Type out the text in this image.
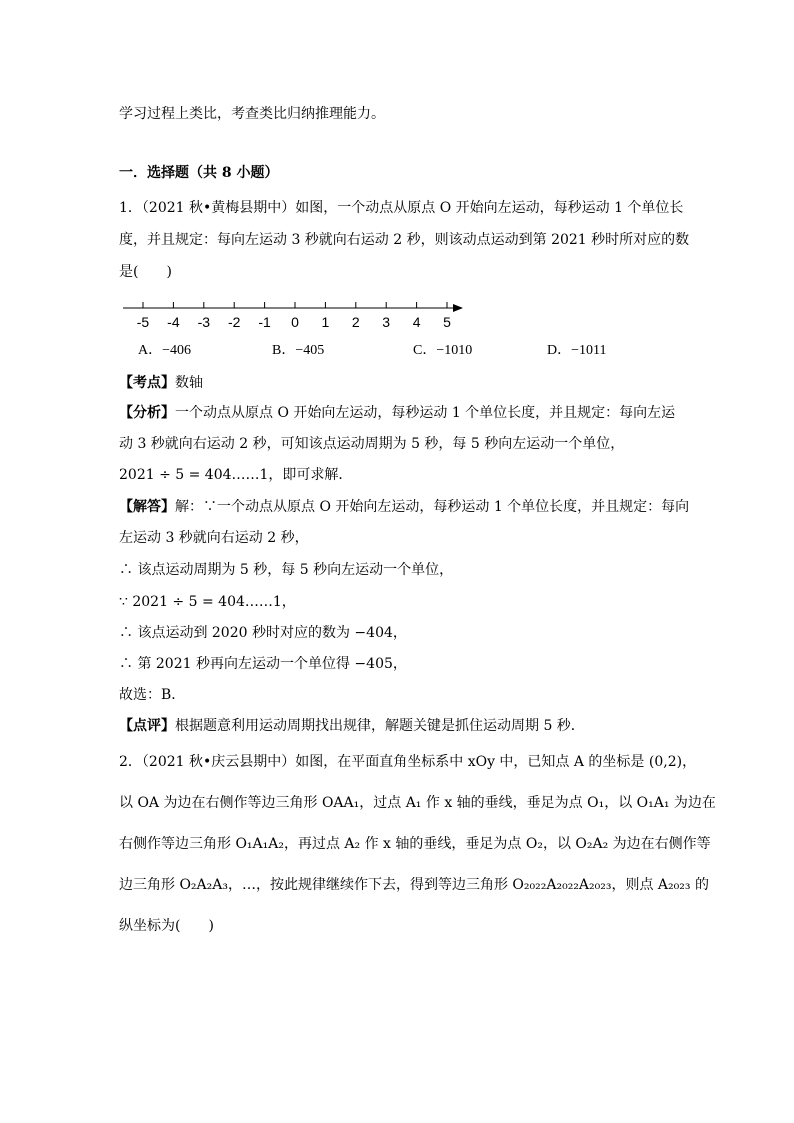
学习过程上类比，考查类比归纳推理能力。
一．选择题（共 8 小题）
1．（2021 秋•黄梅县期中）如图，一个动点从原点 O 开始向左运动，每秒运动 1 个单位长
度，并且规定：每向左运动 3 秒就向右运动 2 秒，则该动点运动到第 2021 秒时所对应的数
是(　　)
-5 -4 -3 -2 -1 0 1 2 3 4 5
A．−406	B．−405	C．−1010	D．−1011
【考点】数轴
【分析】一个动点从原点 O 开始向左运动，每秒运动 1 个单位长度，并且规定：每向左运
动 3 秒就向右运动 2 秒，可知该点运动周期为 5 秒，每 5 秒向左运动一个单位，
2021 ÷ 5 = 404……1，即可求解．
【解答】解：∵一个动点从原点 O 开始向左运动，每秒运动 1 个单位长度，并且规定：每向
左运动 3 秒就向右运动 2 秒，
∴ 该点运动周期为 5 秒，每 5 秒向左运动一个单位，
∵ 2021 ÷ 5 = 404……1，
∴ 该点运动到 2020 秒时对应的数为 −404，
∴ 第 2021 秒再向左运动一个单位得 −405，
故选：B．
【点评】根据题意利用运动周期找出规律，解题关键是抓住运动周期 5 秒．
2．（2021 秋•庆云县期中）如图，在平面直角坐标系中 xOy 中，已知点 A 的坐标是 (0,2)，
以 OA 为边在右侧作等边三角形 OAA₁，过点 A₁ 作 x 轴的垂线，垂足为点 O₁，以 O₁A₁ 为边在
右侧作等边三角形 O₁A₁A₂，再过点 A₂ 作 x 轴的垂线，垂足为点 O₂，以 O₂A₂ 为边在右侧作等
边三角形 O₂A₂A₃，…，按此规律继续作下去，得到等边三角形 O₂₀₂₂A₂₀₂₂A₂₀₂₃，则点 A₂₀₂₃ 的
纵坐标为(　　)
